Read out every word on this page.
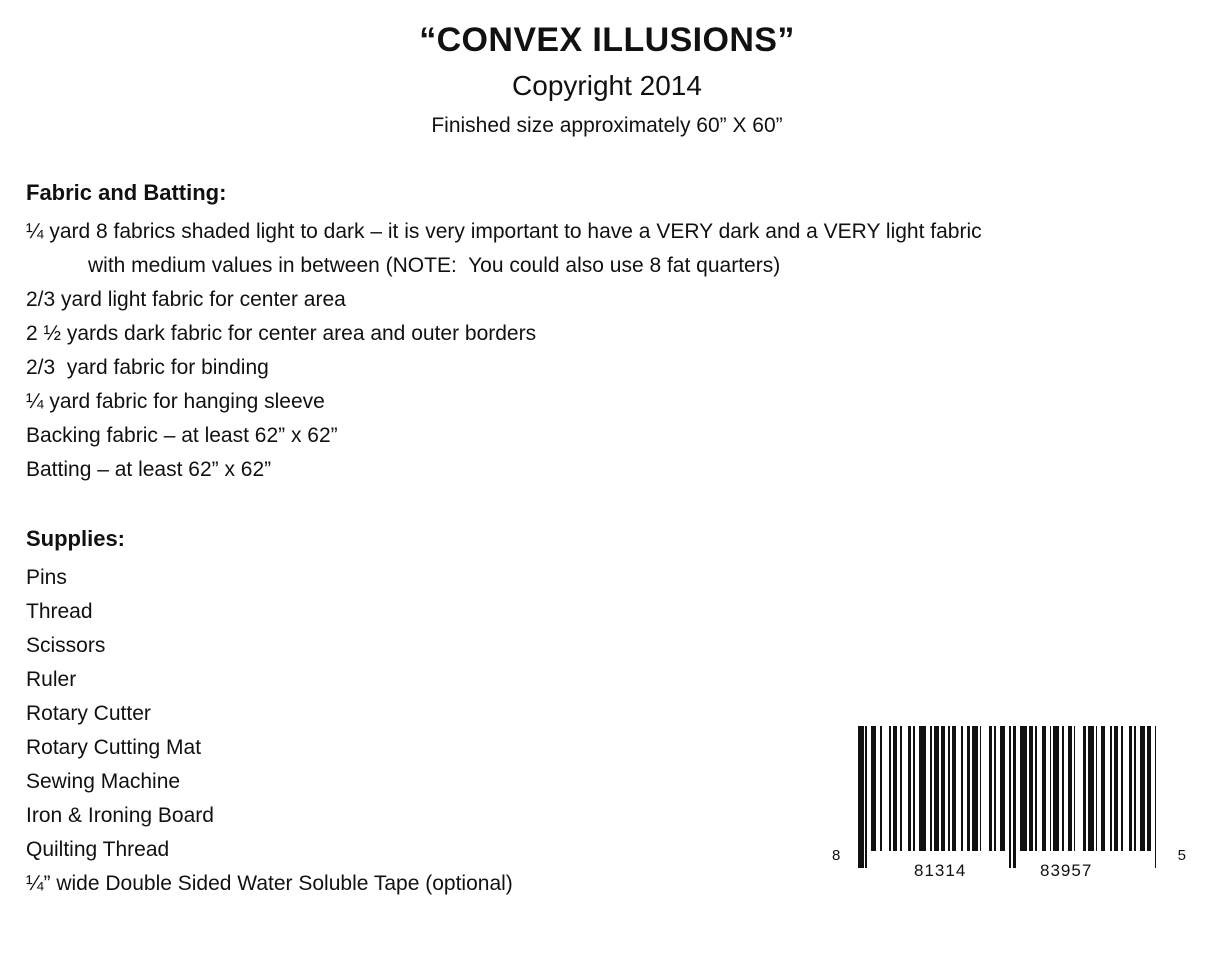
“CONVEX ILLUSIONS”
Copyright 2014
Finished size approximately 60” X 60”
Fabric and Batting:
¼ yard 8 fabrics shaded light to dark – it is very important to have a VERY dark and a VERY light fabric
with medium values in between (NOTE:  You could also use 8 fat quarters)
2/3 yard light fabric for center area
2 ½ yards dark fabric for center area and outer borders
2/3  yard fabric for binding
¼ yard fabric for hanging sleeve
Backing fabric – at least 62” x 62”
Batting – at least 62” x 62”
Supplies:
Pins
Thread
Scissors
Ruler
Rotary Cutter
Rotary Cutting Mat
Sewing Machine
Iron & Ironing Board
Quilting Thread
¼” wide Double Sided Water Soluble Tape (optional)
8
81314	83957
5
